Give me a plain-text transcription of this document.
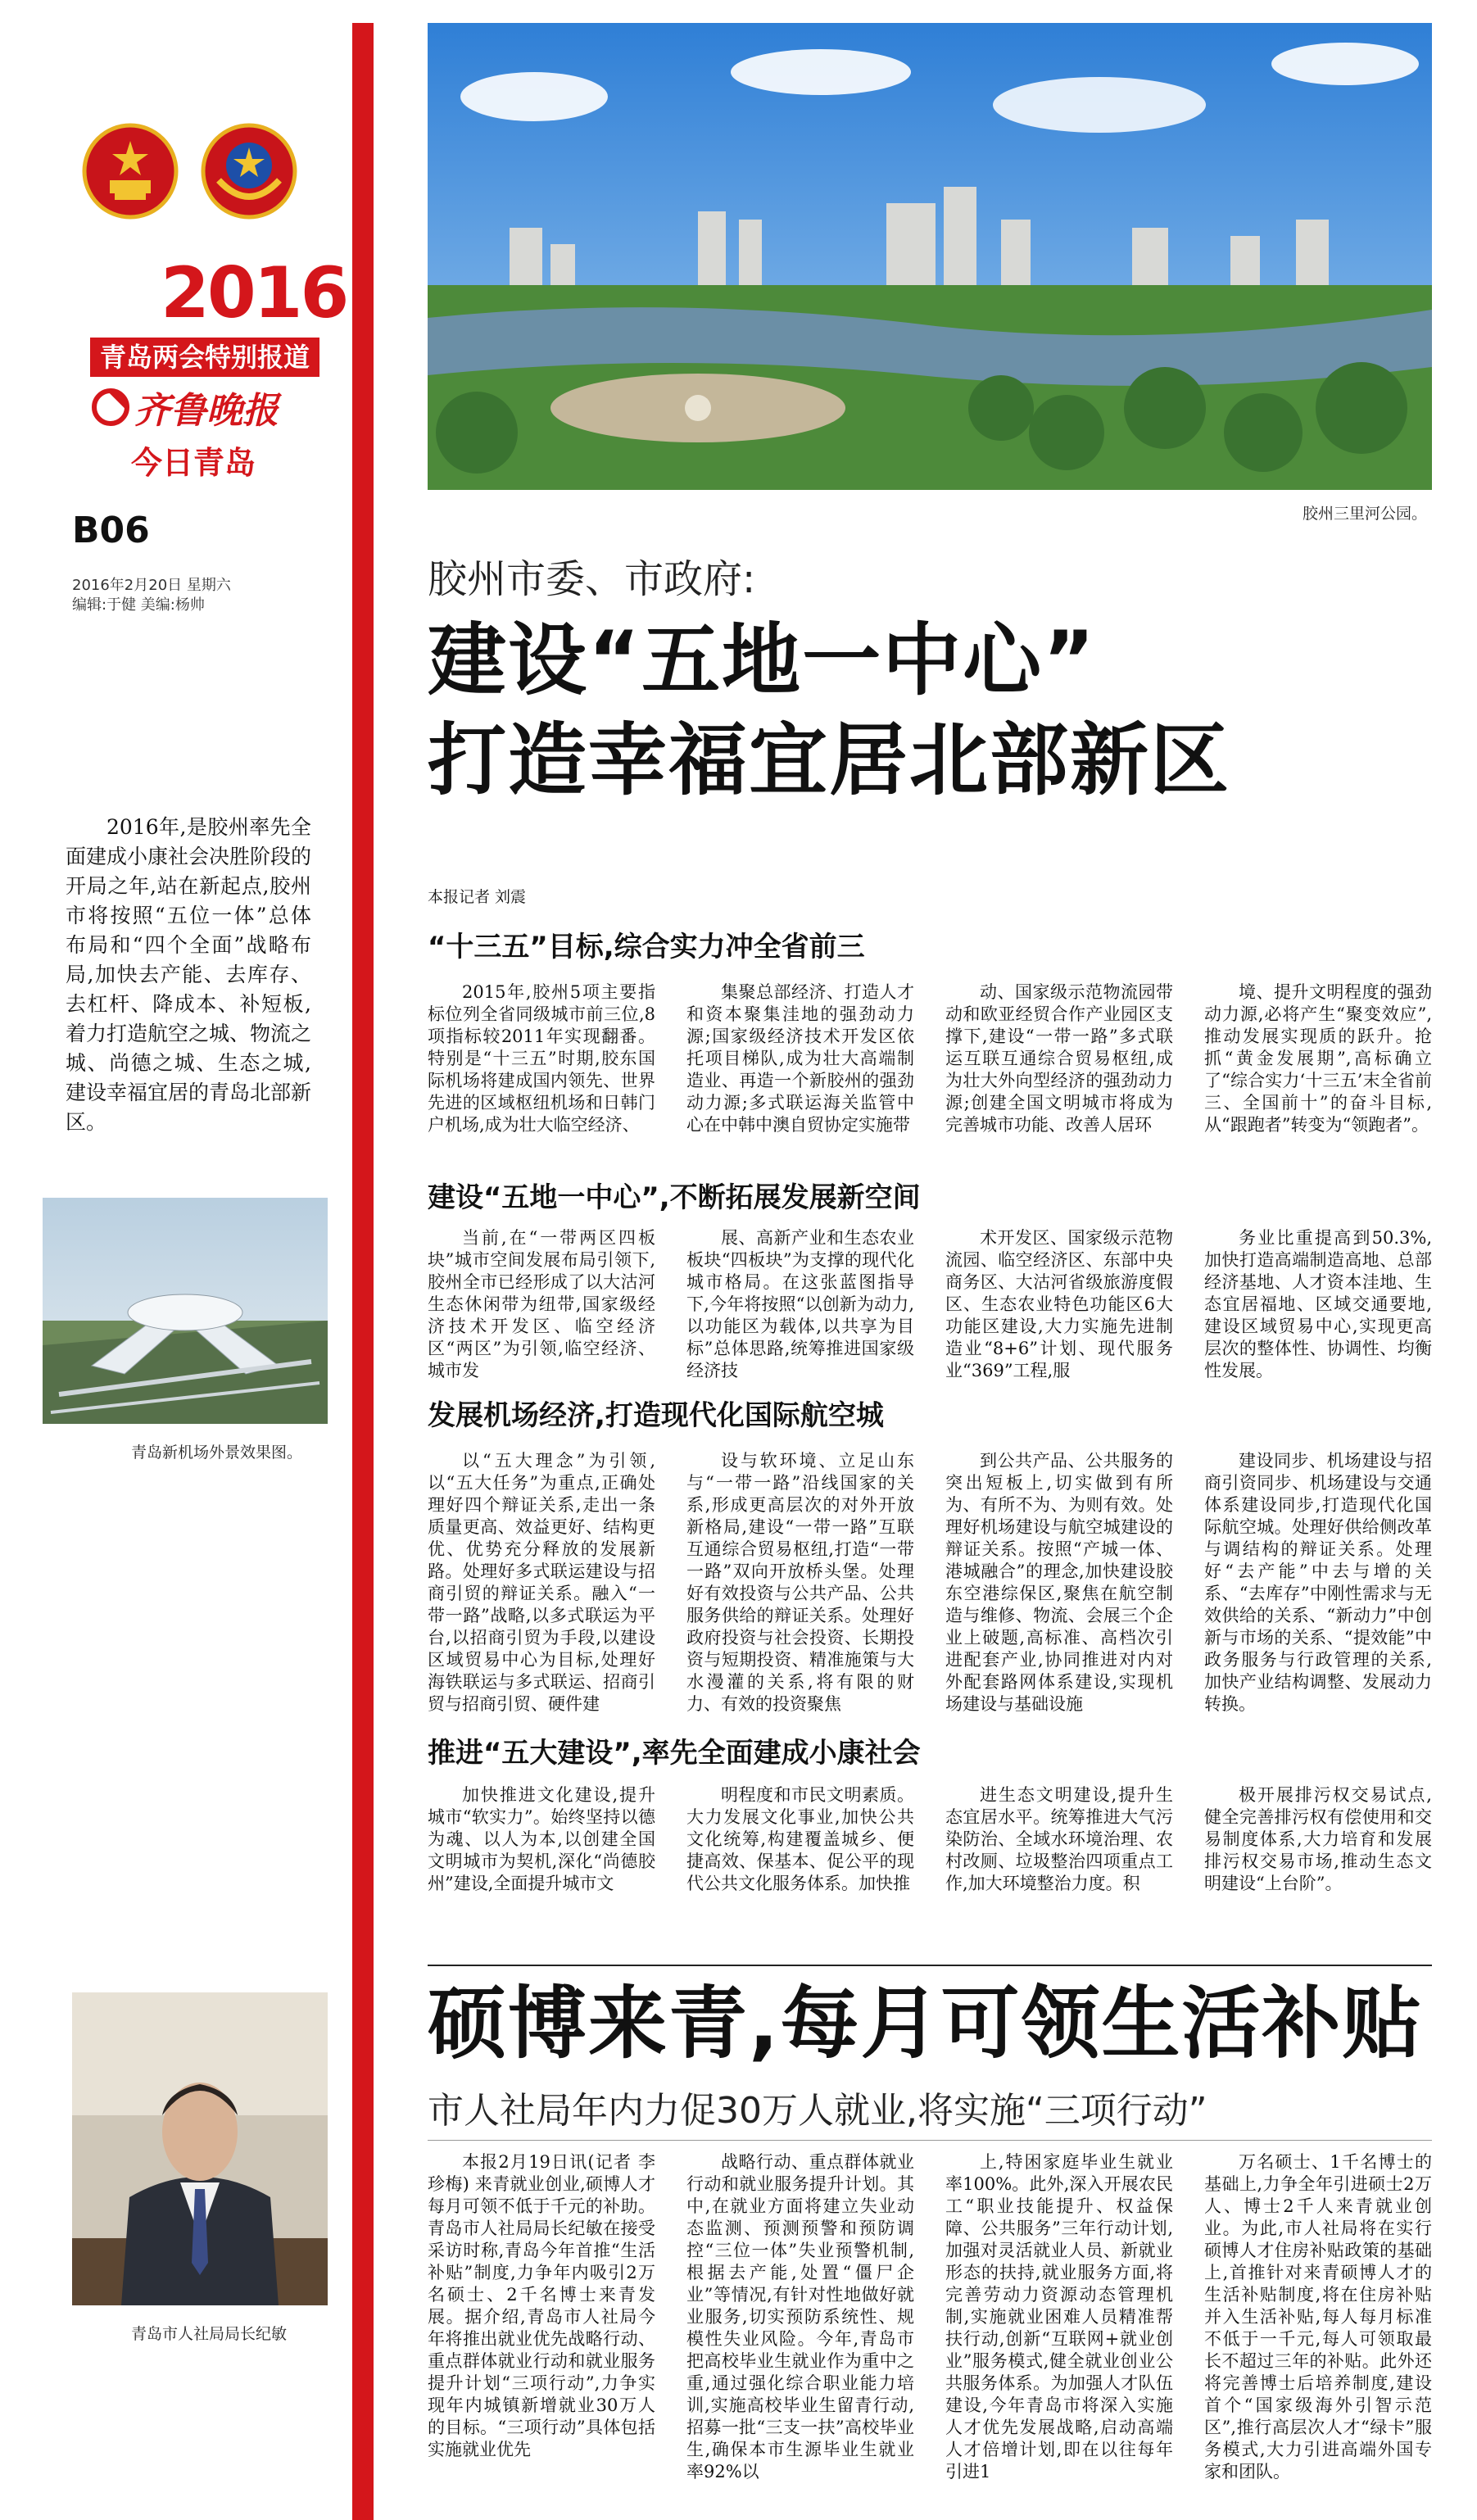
2016
青岛两会特别报道
齐鲁晚报
今日青岛
B06
2016年2月20日 星期六
编辑:于健 美编:杨帅
2016年,是胶州率先全面建成小康社会决胜阶段的开局之年,站在新起点,胶州市将按照“五位一体”总体布局和“四个全面”战略布局,加快去产能、去库存、去杠杆、降成本、补短板,着力打造航空之城、物流之城、尚德之城、生态之城,建设幸福宜居的青岛北部新区。
青岛新机场外景效果图。
青岛市人社局局长纪敏
胶州三里河公园。
胶州市委、市政府:
建设“五地一中心”
打造幸福宜居北部新区
本报记者 刘震
“十三五”目标,综合实力冲全省前三

2015年,胶州5项主要指标位列全省同级城市前三位,8项指标较2011年实现翻番。特别是“十三五”时期,胶东国际机场将建成国内领先、世界先进的区域枢纽机场和日韩门户机场,成为壮大临空经济、

集聚总部经济、打造人才和资本聚集洼地的强劲动力源;国家级经济技术开发区依托项目梯队,成为壮大高端制造业、再造一个新胶州的强劲动力源;多式联运海关监管中心在中韩中澳自贸协定实施带

动、国家级示范物流园带动和欧亚经贸合作产业园区支撑下,建设“一带一路”多式联运互联互通综合贸易枢纽,成为壮大外向型经济的强劲动力源;创建全国文明城市将成为完善城市功能、改善人居环

境、提升文明程度的强劲动力源,必将产生“聚变效应”,推动发展实现质的跃升。抢抓“黄金发展期”,高标确立了“综合实力‘十三五’末全省前三、全国前十”的奋斗目标,从“跟跑者”转变为“领跑者”。

建设“五地一中心”,不断拓展发展新空间

当前,在“一带两区四板块”城市空间发展布局引领下,胶州全市已经形成了以大沽河生态休闲带为纽带,国家级经济技术开发区、临空经济区“两区”为引领,临空经济、城市发

展、高新产业和生态农业板块“四板块”为支撑的现代化城市格局。在这张蓝图指导下,今年将按照“以创新为动力,以功能区为载体,以共享为目标”总体思路,统筹推进国家级经济技

术开发区、国家级示范物流园、临空经济区、东部中央商务区、大沽河省级旅游度假区、生态农业特色功能区6大功能区建设,大力实施先进制造业“8+6”计划、现代服务业“369”工程,服

务业比重提高到50.3%,加快打造高端制造高地、总部经济基地、人才资本洼地、生态宜居福地、区域交通要地,建设区域贸易中心,实现更高层次的整体性、协调性、均衡性发展。

发展机场经济,打造现代化国际航空城

以“五大理念”为引领,以“五大任务”为重点,正确处理好四个辩证关系,走出一条质量更高、效益更好、结构更优、优势充分释放的发展新路。处理好多式联运建设与招商引贸的辩证关系。融入“一带一路”战略,以多式联运为平台,以招商引贸为手段,以建设区域贸易中心为目标,处理好海铁联运与多式联运、招商引贸与招商引贸、硬件建

设与软环境、立足山东与“一带一路”沿线国家的关系,形成更高层次的对外开放新格局,建设“一带一路”互联互通综合贸易枢纽,打造“一带一路”双向开放桥头堡。处理好有效投资与公共产品、公共服务供给的辩证关系。处理好政府投资与社会投资、长期投资与短期投资、精准施策与大水漫灌的关系,将有限的财力、有效的投资聚焦

到公共产品、公共服务的突出短板上,切实做到有所为、有所不为、为则有效。处理好机场建设与航空城建设的辩证关系。按照“产城一体、港城融合”的理念,加快建设胶东空港综保区,聚焦在航空制造与维修、物流、会展三个企业上破题,高标准、高档次引进配套产业,协同推进对内对外配套路网体系建设,实现机场建设与基础设施

建设同步、机场建设与招商引资同步、机场建设与交通体系建设同步,打造现代化国际航空城。处理好供给侧改革与调结构的辩证关系。处理好“去产能”中去与增的关系、“去库存”中刚性需求与无效供给的关系、“新动力”中创新与市场的关系、“提效能”中政务服务与行政管理的关系,加快产业结构调整、发展动力转换。

推进“五大建设”,率先全面建成小康社会

加快推进文化建设,提升城市“软实力”。始终坚持以德为魂、以人为本,以创建全国文明城市为契机,深化“尚德胶州”建设,全面提升城市文

明程度和市民文明素质。大力发展文化事业,加快公共文化统筹,构建覆盖城乡、便捷高效、保基本、促公平的现代公共文化服务体系。加快推

进生态文明建设,提升生态宜居水平。统筹推进大气污染防治、全域水环境治理、农村改厕、垃圾整治四项重点工作,加大环境整治力度。积

极开展排污权交易试点,健全完善排污权有偿使用和交易制度体系,大力培育和发展排污权交易市场,推动生态文明建设“上台阶”。

硕博来青,每月可领生活补贴
市人社局年内力促30万人就业,将实施“三项行动”

本报2月19日讯(记者 李珍梅) 来青就业创业,硕博人才每月可领不低于千元的补助。青岛市人社局局长纪敏在接受采访时称,青岛今年首推“生活补贴”制度,力争年内吸引2万名硕士、2千名博士来青发展。据介绍,青岛市人社局今年将推出就业优先战略行动、重点群体就业行动和就业服务提升计划“三项行动”,力争实现年内城镇新增就业30万人的目标。“三项行动”具体包括实施就业优先

战略行动、重点群体就业行动和就业服务提升计划。其中,在就业方面将建立失业动态监测、预测预警和预防调控“三位一体”失业预警机制,根据去产能,处置“僵尸企业”等情况,有针对性地做好就业服务,切实预防系统性、规模性失业风险。今年,青岛市把高校毕业生就业作为重中之重,通过强化综合职业能力培训,实施高校毕业生留青行动,招募一批“三支一扶”高校毕业生,确保本市生源毕业生就业率92%以

上,特困家庭毕业生就业率100%。此外,深入开展农民工“职业技能提升、权益保障、公共服务”三年行动计划,加强对灵活就业人员、新就业形态的扶持,就业服务方面,将完善劳动力资源动态管理机制,实施就业困难人员精准帮扶行动,创新“互联网+就业创业”服务模式,健全就业创业公共服务体系。为加强人才队伍建设,今年青岛市将深入实施人才优先发展战略,启动高端人才倍增计划,即在以往每年引进1

万名硕士、1千名博士的基础上,力争全年引进硕士2万人、博士2千人来青就业创业。为此,市人社局将在实行硕博人才住房补贴政策的基础上,首推针对来青硕博人才的生活补贴制度,将在住房补贴并入生活补贴,每人每月标准不低于一千元,每人可领取最长不超过三年的补贴。此外还将完善博士后培养制度,建设首个“国家级海外引智示范区”,推行高层次人才“绿卡”服务模式,大力引进高端外国专家和团队。
